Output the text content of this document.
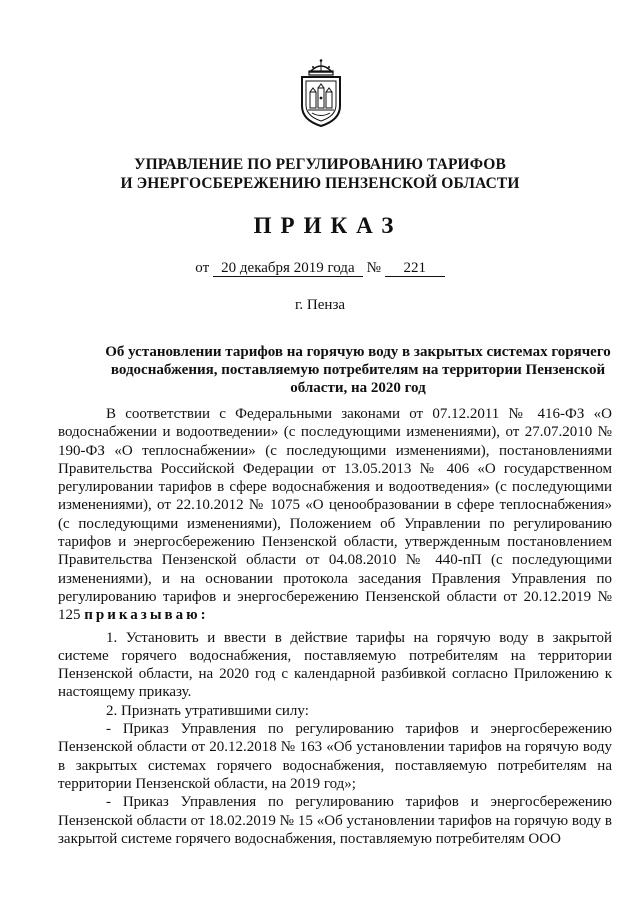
УПРАВЛЕНИЕ ПО РЕГУЛИРОВАНИЮ ТАРИФОВ
И ЭНЕРГОСБЕРЕЖЕНИЮ ПЕНЗЕНСКОЙ ОБЛАСТИ
ПРИКАЗ
от 20 декабря 2019 года № 221
г. Пенза
Об установлении тарифов на горячую воду в закрытых системах горячего водоснабжения, поставляемую потребителям на территории Пензенской области, на 2020 год

В соответствии с Федеральными законами от 07.12.2011 № 416-ФЗ «О водоснабжении и водоотведении» (с последующими изменениями), от 27.07.2010 № 190-ФЗ «О теплоснабжении» (с последующими изменениями), постановлениями Правительства Российской Федерации от 13.05.2013 № 406 «О государственном регулировании тарифов в сфере водоснабжения и водоотведения» (с последующими изменениями), от 22.10.2012 № 1075 «О ценообразовании в сфере теплоснабжения» (с последующими изменениями), Положением об Управлении по регулированию тарифов и энергосбережению Пензенской области, утвержденным постановлением Правительства Пензенской области от 04.08.2010 № 440-пП (с последующими изменениями), и на основании протокола заседания Правления Управления по регулированию тарифов и энергосбережению Пензенской области от 20.12.2019 № 125 приказываю:

1. Установить и ввести в действие тарифы на горячую воду в закрытой системе горячего водоснабжения, поставляемую потребителям на территории Пензенской области, на 2020 год с календарной разбивкой согласно Приложению к настоящему приказу.

2. Признать утратившими силу:

- Приказ Управления по регулированию тарифов и энергосбережению Пензенской области от 20.12.2018 № 163 «Об установлении тарифов на горячую воду в закрытых системах горячего водоснабжения, поставляемую потребителям на территории Пензенской области, на 2019 год»;

- Приказ Управления по регулированию тарифов и энергосбережению Пензенской области от 18.02.2019 № 15 «Об установлении тарифов на горячую воду в закрытой системе горячего водоснабжения, поставляемую потребителям ООО
